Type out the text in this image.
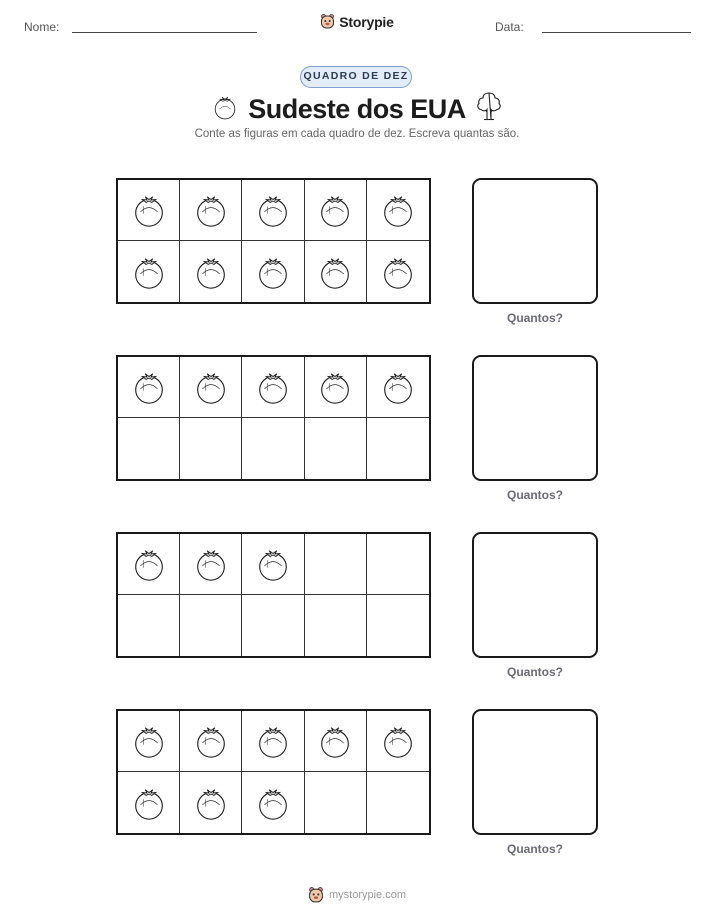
Nome:	Storypie	Data:
QUADRO DE DEZ
Sudeste dos EUA
Conte as figuras em cada quadro de dez. Escreva quantas são.
Quantos?
Quantos?
Quantos?
Quantos?
mystorypie.com
